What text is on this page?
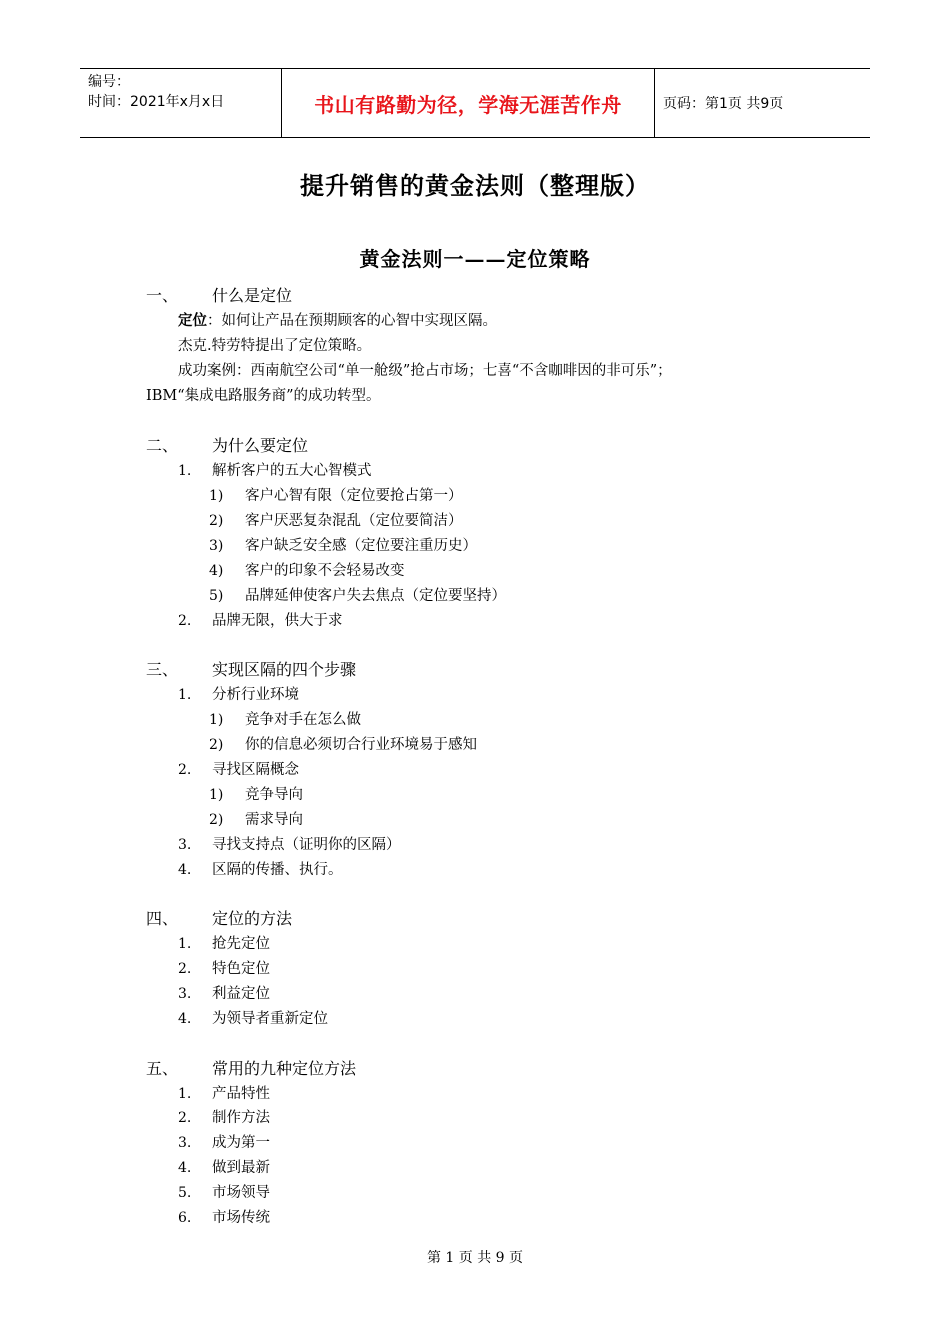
编号：
时间：2021年x月x日	书山有路勤为径，学海无涯苦作舟	页码：第1页 共9页
提升销售的黄金法则（整理版）
黄金法则一——定位策略
一、 什么是定位
定位：如何让产品在预期顾客的心智中实现区隔。
杰克.特劳特提出了定位策略。
成功案例：西南航空公司“单一舱级”抢占市场；七喜“不含咖啡因的非可乐”；
IBM“集成电路服务商”的成功转型。
二、 为什么要定位
1. 解析客户的五大心智模式
1) 客户心智有限（定位要抢占第一）
2) 客户厌恶复杂混乱（定位要简洁）
3) 客户缺乏安全感（定位要注重历史）
4) 客户的印象不会轻易改变
5) 品牌延伸使客户失去焦点（定位要坚持）
2. 品牌无限，供大于求
三、 实现区隔的四个步骤
1. 分析行业环境
1) 竞争对手在怎么做
2) 你的信息必须切合行业环境易于感知
2. 寻找区隔概念
1) 竞争导向
2) 需求导向
3. 寻找支持点（证明你的区隔）
4. 区隔的传播、执行。
四、 定位的方法
1. 抢先定位
2. 特色定位
3. 利益定位
4. 为领导者重新定位
五、 常用的九种定位方法
1. 产品特性
2. 制作方法
3. 成为第一
4. 做到最新
5. 市场领导
6. 市场传统
第 1 页 共 9 页
